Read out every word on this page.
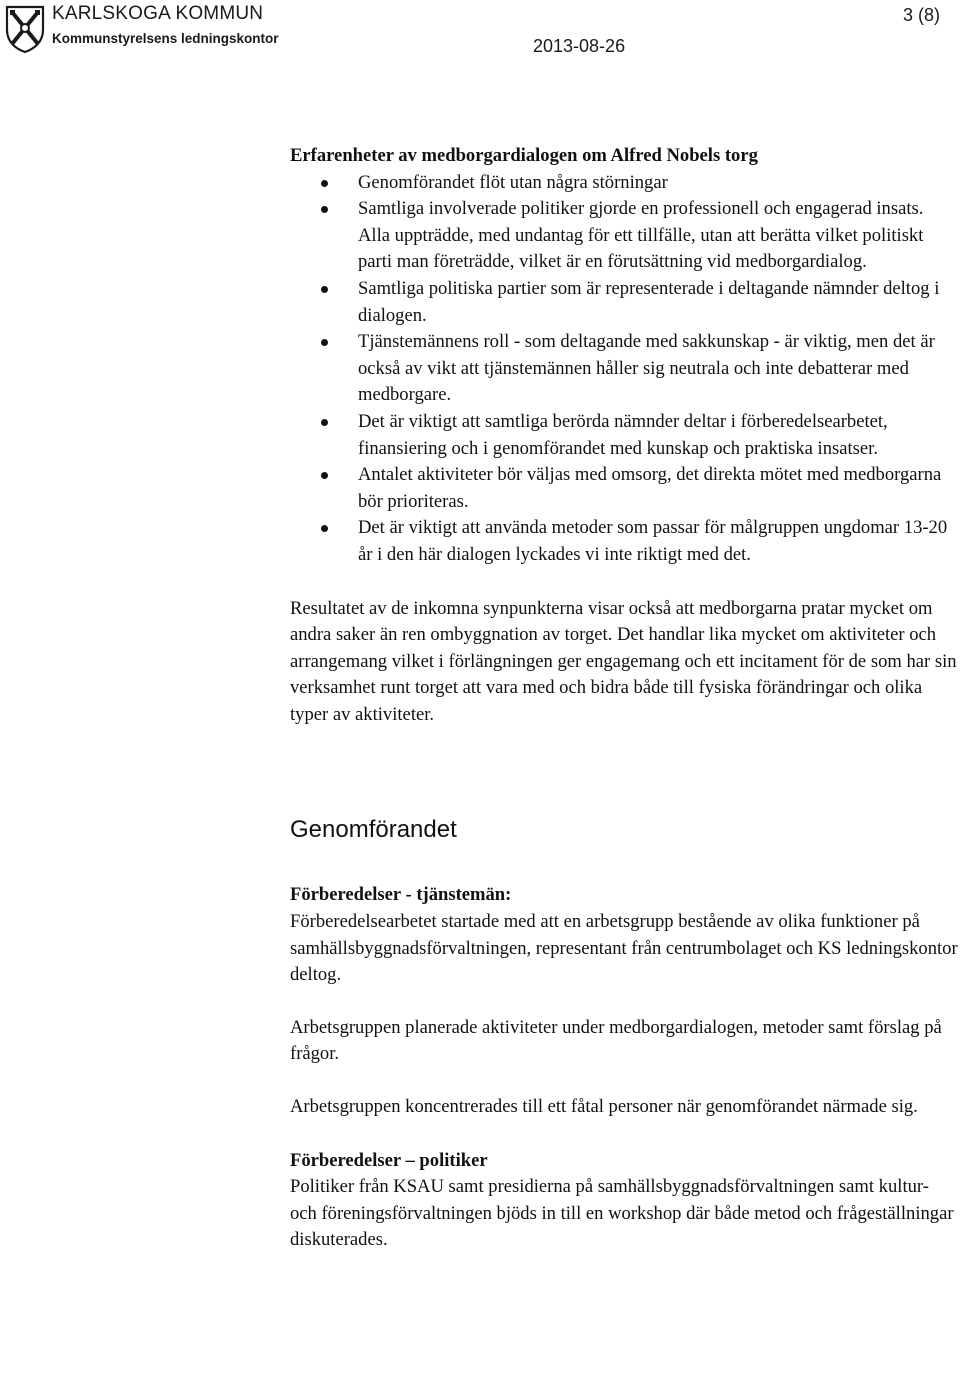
KARLSKOGA KOMMUN
Kommunstyrelsens ledningskontor
3 (8)
2013-08-26

Erfarenheter av medborgardialogen om Alfred Nobels torg

Genomförandet flöt utan några störningar
Samtliga involverade politiker gjorde en professionell och engagerad insats. Alla uppträdde, med undantag för ett tillfälle, utan att berätta vilket politiskt parti man företrädde, vilket är en förutsättning vid medborgardialog.
Samtliga politiska partier som är representerade i deltagande nämnder deltog i dialogen.
Tjänstemännens roll - som deltagande med sakkunskap - är viktig, men det är också av vikt att tjänstemännen håller sig neutrala och inte debatterar med medborgare.
Det är viktigt att samtliga berörda nämnder deltar i förberedelsearbetet, finansiering och i genomförandet med kunskap och praktiska insatser.
Antalet aktiviteter bör väljas med omsorg, det direkta mötet med medborgarna bör prioriteras.
Det är viktigt att använda metoder som passar för målgruppen ungdomar 13-20 år i den här dialogen lyckades vi inte riktigt med det.

Resultatet av de inkomna synpunkterna visar också att medborgarna pratar mycket om andra saker än ren ombyggnation av torget. Det handlar lika mycket om aktiviteter och arrangemang vilket i förlängningen ger engagemang och ett incitament för de som har sin verksamhet runt torget att vara med och bidra både till fysiska förändringar och olika typer av aktiviteter.

Genomförandet

Förberedelser - tjänstemän:

Förberedelsearbetet startade med att en arbetsgrupp bestående av olika funktioner på samhällsbyggnadsförvaltningen, representant från centrumbolaget och KS ledningskontor deltog.

Arbetsgruppen planerade aktiviteter under medborgardialogen, metoder samt förslag på frågor.

Arbetsgruppen koncentrerades till ett fåtal personer när genomförandet närmade sig.

Förberedelser – politiker

Politiker från KSAU samt presidierna på samhällsbyggnadsförvaltningen samt kultur- och föreningsförvaltningen bjöds in till en workshop där både metod och frågeställningar diskuterades.
